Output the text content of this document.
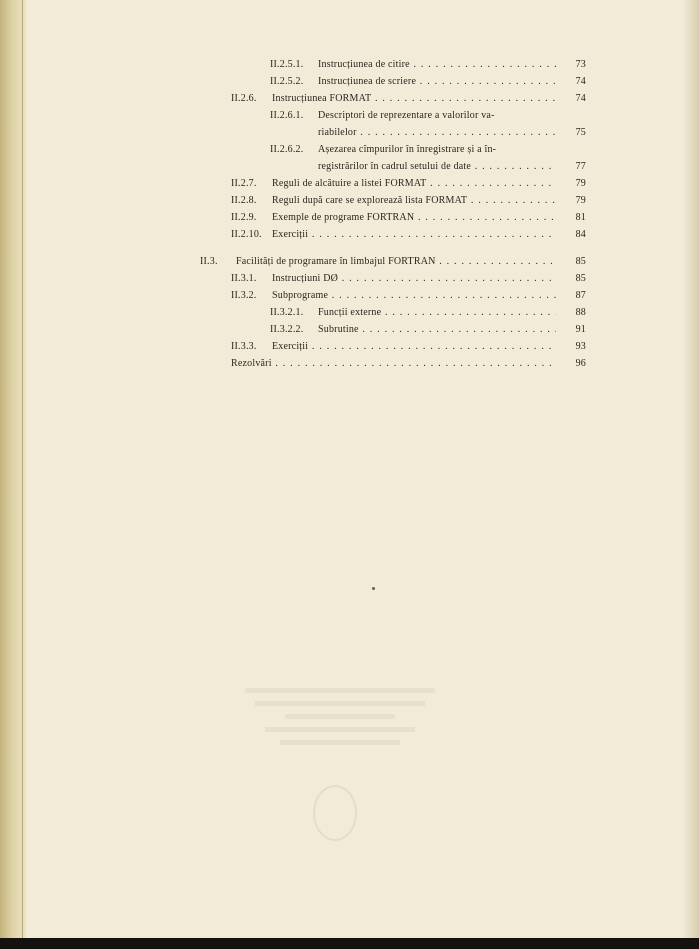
II.2.5.1. Instrucțiunea de citire . . .	73
II.2.5.2. Instrucțiunea de scriere . . .	74
II.2.6. Instrucțiunea FORMAT . . .	74
II.2.6.1. Descriptori de reprezentare a valorilor va-
riabilelor . . .	75
II.2.6.2. Așezarea cîmpurilor în înregistrare și a în-
registrărilor în cadrul setului de date . . .	77
II.2.7. Reguli de alcătuire a listei FORMAT . . .	79
II.2.8. Reguli după care se explorează lista FORMAT . . .	79
II.2.9. Exemple de programe FORTRAN . . .	81
II.2.10. Exerciții . . .	84
II.3. Facilități de programare în limbajul FORTRAN . . .	85
II.3.1. Instrucțiuni DØ . . .	85
II.3.2. Subprograme . . .	87
II.3.2.1. Funcții externe . . .	88
II.3.2.2. Subrutine . . .	91
II.3.3. Exerciții . . .	93
Rezolvări . . .	96
